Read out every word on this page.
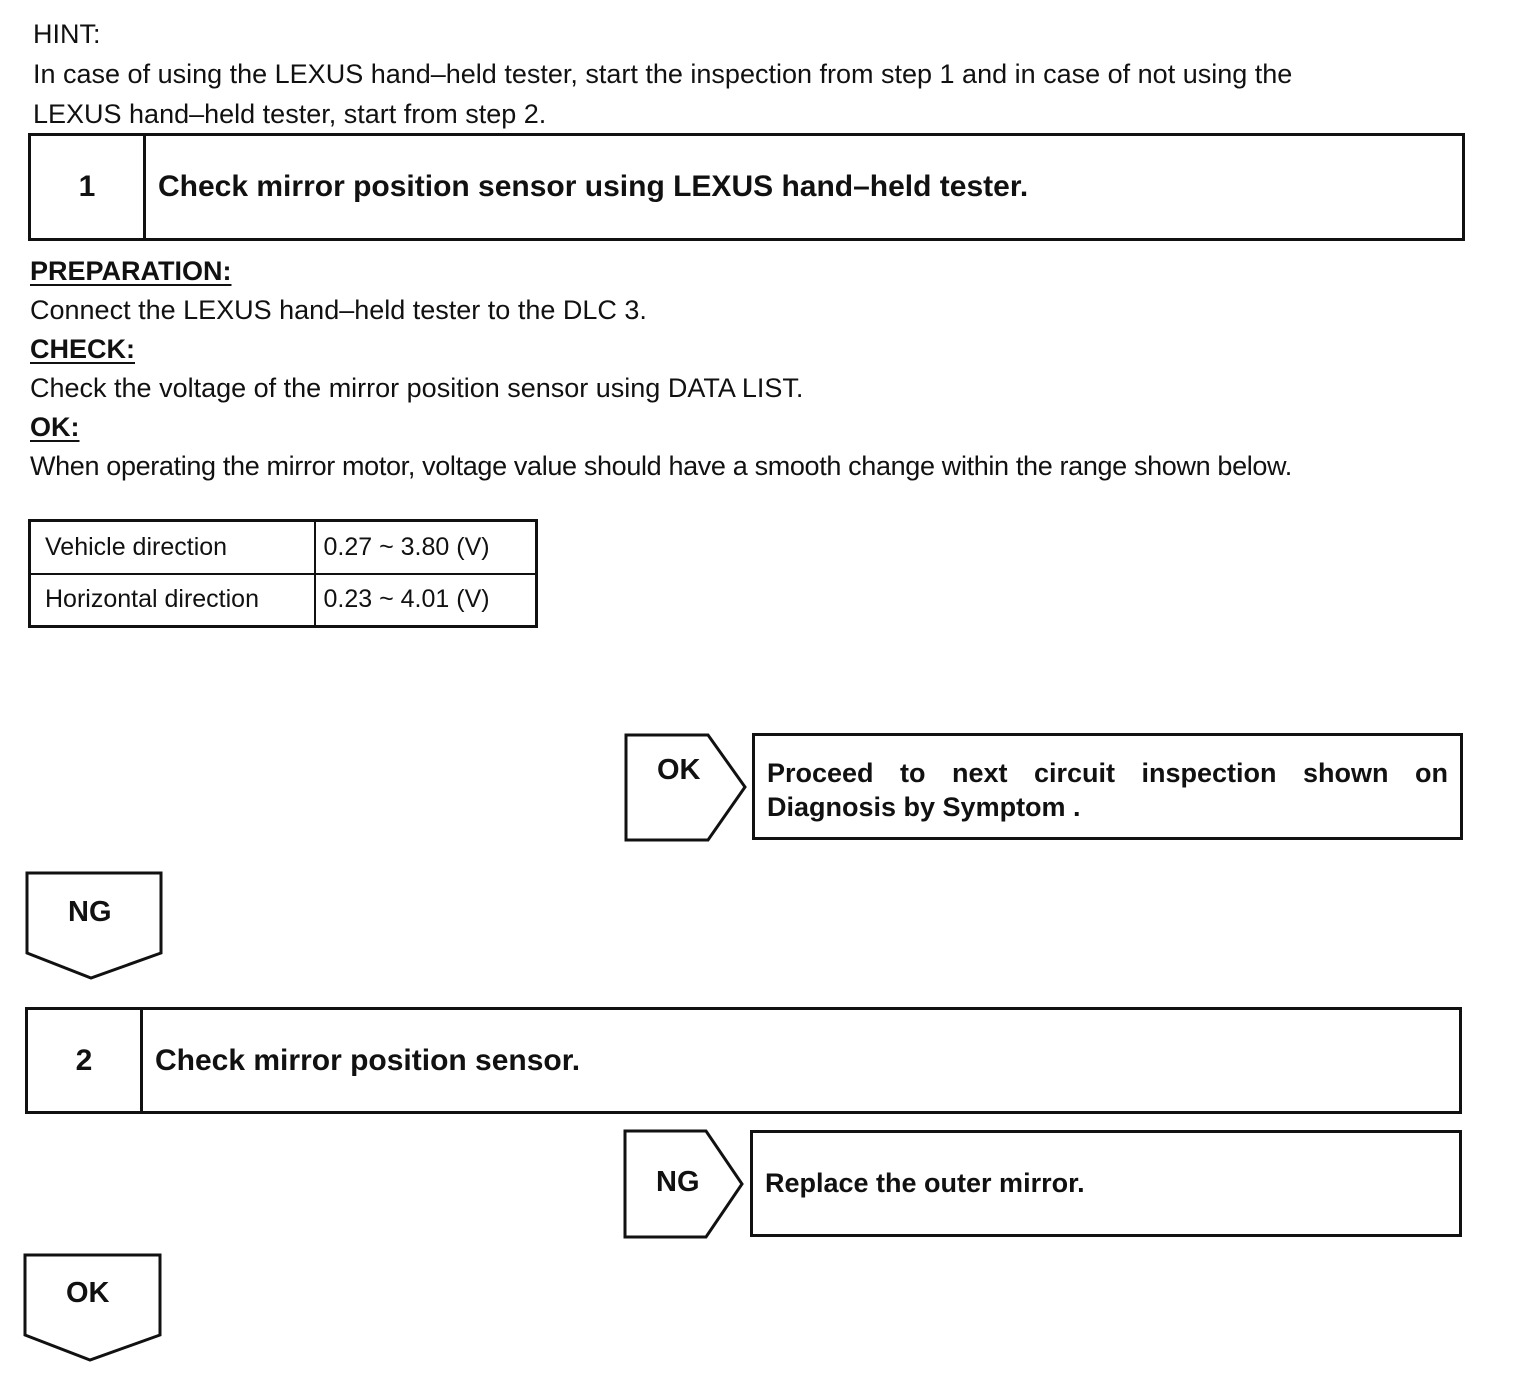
HINT:
In case of using the LEXUS hand–held tester, start the inspection from step 1 and in case of not using the
LEXUS hand–held tester, start from step 2.
1	Check mirror position sensor using LEXUS hand–held tester.
PREPARATION:
Connect the LEXUS hand–held tester to the DLC 3.
CHECK:
Check the voltage of the mirror position sensor using DATA LIST.
OK:
When operating the mirror motor, voltage value should have a smooth change within the range shown below.
Vehicle direction	0.27 ~ 3.80 (V)
Horizontal direction	0.23 ~ 4.01 (V)
OK	Proceed to next circuit inspection shown on Diagnosis by Symptom .
NG
2	Check mirror position sensor.
NG Replace the outer mirror.
OK
